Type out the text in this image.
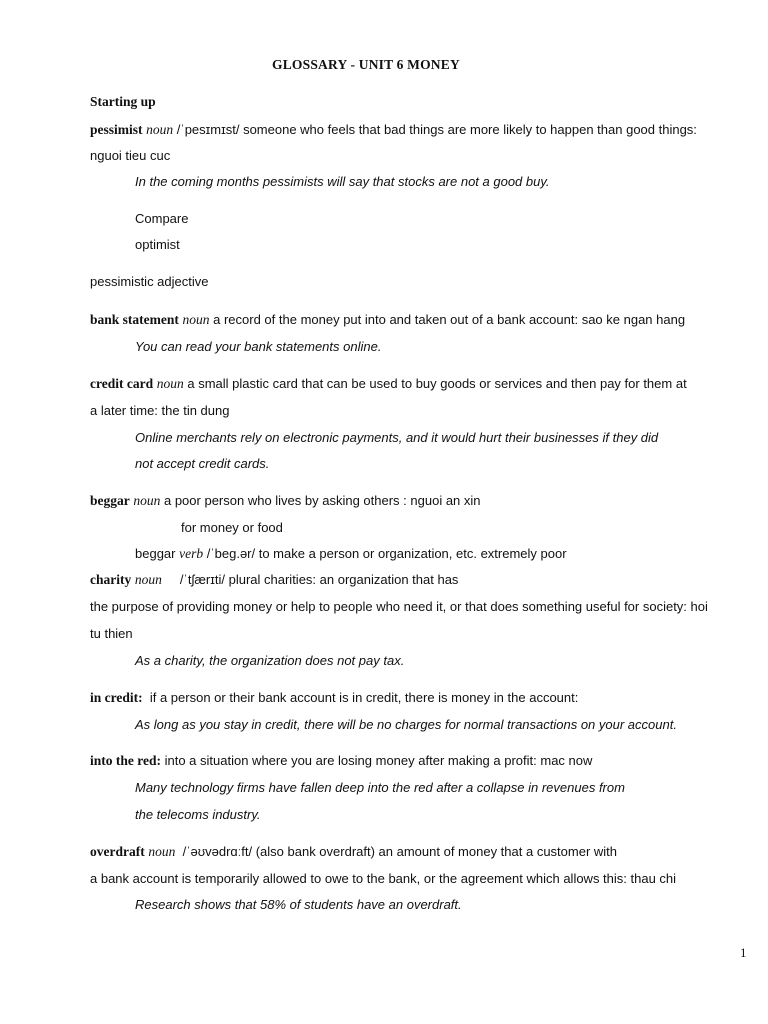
GLOSSARY - UNIT 6 MONEY
Starting up
pessimist noun /ˈpesɪmɪst/ someone who feels that bad things are more likely to happen than good things:
nguoi tieu cuc
In the coming months pessimists will say that stocks are not a good buy.
Compare
optimist
pessimistic adjective
bank statement noun a record of the money put into and taken out of a bank account: sao ke ngan hang
You can read your bank statements online.
credit card noun a small plastic card that can be used to buy goods or services and then pay for them at
a later time: the tin dung
Online merchants rely on electronic payments, and it would hurt their businesses if they did
not accept credit cards.
beggar noun a poor person who lives by asking others : nguoi an xin
for money or food
beggar verb /ˈbeɡ.ər/ to make a person or organization, etc. extremely poor
charity noun     /ˈtʃærɪti/ plural charities: an organization that has
the purpose of providing money or help to people who need it, or that does something useful for society: hoi
tu thien
As a charity, the organization does not pay tax.
in credit:  if a person or their bank account is in credit, there is money in the account:
As long as you stay in credit, there will be no charges for normal transactions on your account.
into the red: into a situation where you are losing money after making a profit: mac now
Many technology firms have fallen deep into the red after a collapse in revenues from
the telecoms industry.
overdraft noun  /ˈəʊvədrɑːft/ (also bank overdraft) an amount of money that a customer with
a bank account is temporarily allowed to owe to the bank, or the agreement which allows this: thau chi
Research shows that 58% of students have an overdraft.
1
